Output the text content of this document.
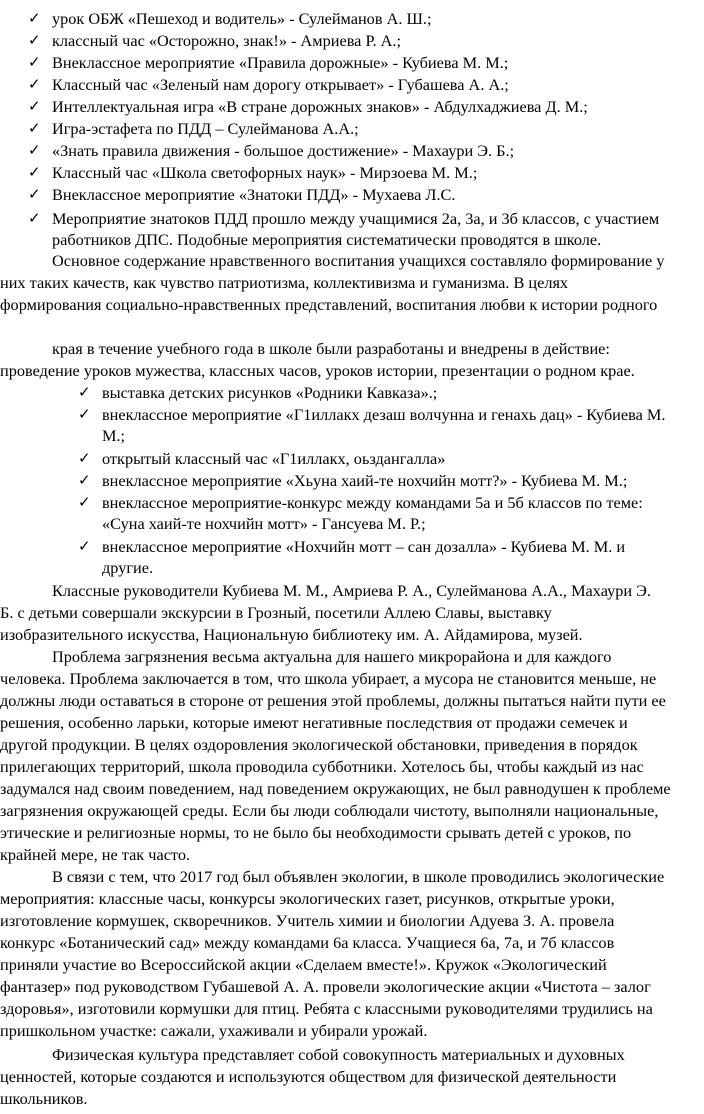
✓ урок ОБЖ «Пешеход и водитель» - Сулейманов А. Ш.;
✓ классный час «Осторожно, знак!» - Амриева Р. А.;
✓ Внеклассное мероприятие «Правила дорожные» - Кубиева М. М.;
✓ Классный час «Зеленый нам дорогу открывает» - Губашева А. А.;
✓ Интеллектуальная игра «В стране дорожных знаков» - Абдулхаджиева Д. М.;
✓ Игра-эстафета по ПДД – Сулейманова А.А.;
✓ «Знать правила движения - большое достижение» - Махаури Э. Б.;
✓ Классный час «Школа светофорных наук» - Мирзоева М. М.;
✓ Внеклассное мероприятие «Знатоки ПДД» - Мухаева Л.С.
✓ Мероприятие знатоков ПДД прошло между учащимися 2а, 3а, и 3б классов, с участием
работников ДПС. Подобные мероприятия систематически проводятся в школе.
Основное содержание нравственного воспитания учащихся составляло формирование у
них таких качеств, как чувство патриотизма, коллективизма и гуманизма. В целях
формирования социально-нравственных представлений, воспитания любви к истории родного
края в течение учебного года в школе были разработаны и внедрены в действие:
проведение уроков мужества, классных часов, уроков истории, презентации о родном крае.
✓ выставка детских рисунков «Родники Кавказа».;
✓ внеклассное мероприятие «Г1иллакх дезаш волчунна и генахь дац» - Кубиева М.
М.;
✓ открытый классный час «Г1иллакх, оьздангалла»
✓ внеклассное мероприятие «Хьуна хаий-те нохчийн мотт?» - Кубиева М. М.;
✓ внеклассное мероприятие-конкурс между командами 5а и 5б классов по теме:
«Суна хаий-те нохчийн мотт» - Гансуева М. Р.;
✓ внеклассное мероприятие «Нохчийн мотт – сан дозалла» - Кубиева М. М. и
другие.
Классные руководители Кубиева М. М., Амриева Р. А., Сулейманова А.А., Махаури Э.
Б. с детьми совершали экскурсии в Грозный, посетили Аллею Славы, выставку
изобразительного искусства, Национальную библиотеку им. А. Айдамирова, музей.
Проблема загрязнения весьма актуальна для нашего микрорайона и для каждого
человека. Проблема заключается в том, что школа убирает, а мусора не становится меньше, не
должны люди оставаться в стороне от решения этой проблемы, должны пытаться найти пути ее
решения, особенно ларьки, которые имеют негативные последствия от продажи семечек и
другой продукции. В целях оздоровления экологической обстановки, приведения в порядок
прилегающих территорий, школа проводила субботники. Хотелось бы, чтобы каждый из нас
задумался над своим поведением, над поведением окружающих, не был равнодушен к проблеме
загрязнения окружающей среды. Если бы люди соблюдали чистоту, выполняли национальные,
этические и религиозные нормы, то не было бы необходимости срывать детей с уроков, по
крайней мере, не так часто.
В связи с тем, что 2017 год был объявлен экологии, в школе проводились экологические
мероприятия: классные часы, конкурсы экологических газет, рисунков, открытые уроки,
изготовление кормушек, скворечников. Учитель химии и биологии Адуева З. А. провела
конкурс «Ботанический сад» между командами 6а класса. Учащиеся 6а, 7а, и 7б классов
приняли участие во Всероссийской акции «Сделаем вместе!». Кружок «Экологический
фантазер» под руководством Губашевой А. А. провели экологические акции «Чистота – залог
здоровья», изготовили кормушки для птиц. Ребята с классными руководителями трудились на
пришкольном участке: сажали, ухаживали и убирали урожай.
Физическая культура представляет собой совокупность материальных и духовных
ценностей, которые создаются и используются обществом для физической деятельности
школьников.
